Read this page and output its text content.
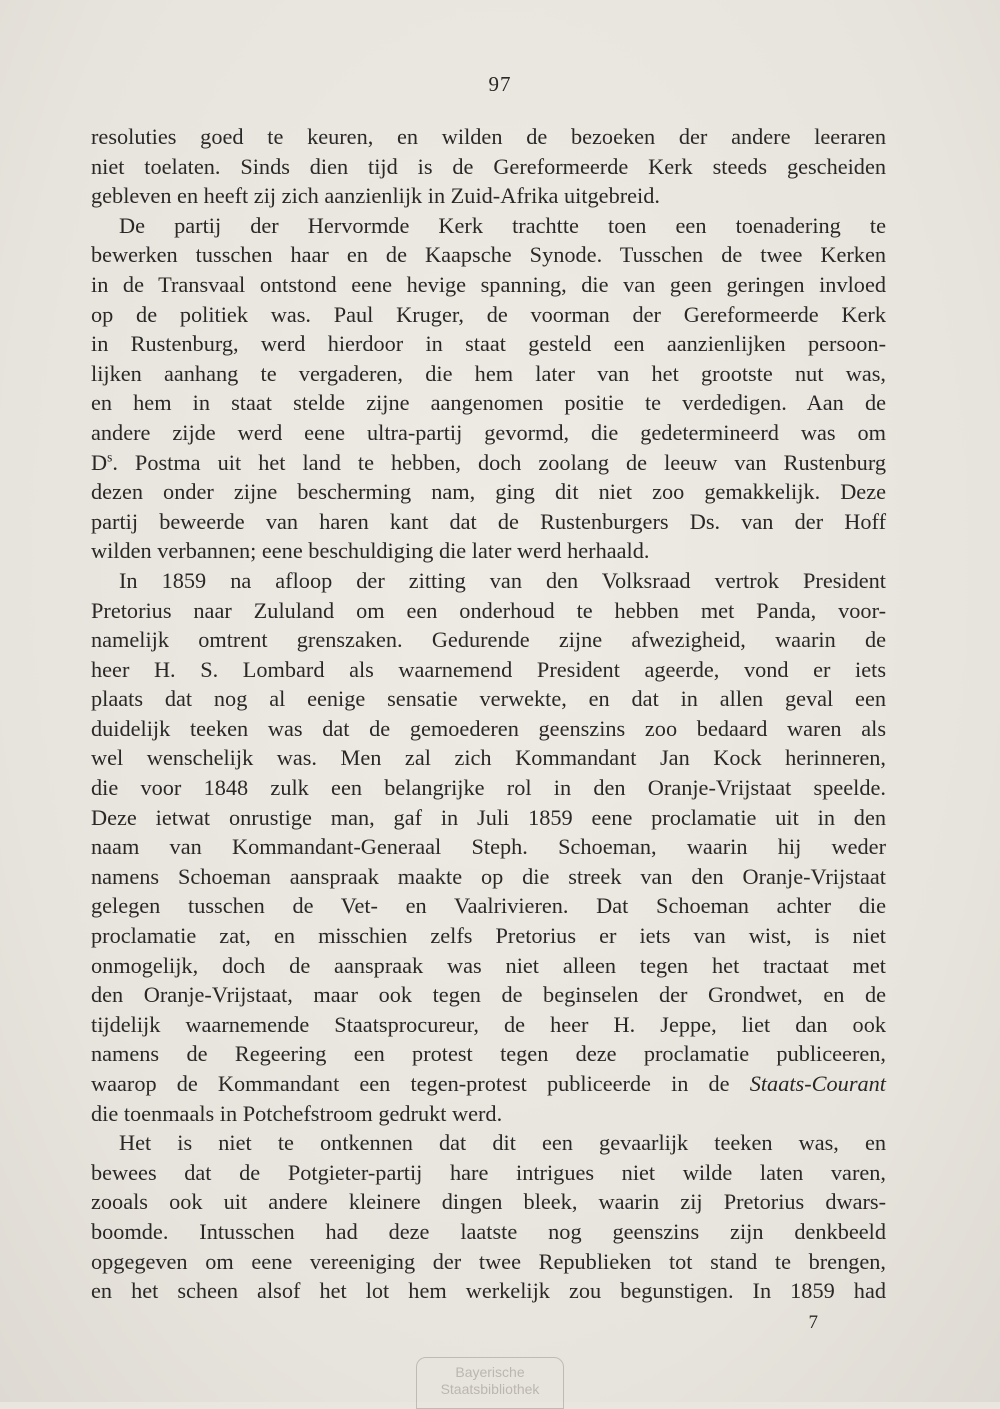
97
resoluties goed te keuren, en wilden de bezoeken der andere leeraren
niet toelaten. Sinds dien tijd is de Gereformeerde Kerk steeds gescheiden
gebleven en heeft zij zich aanzienlijk in Zuid-Afrika uitgebreid.
De partij der Hervormde Kerk trachtte toen een toenadering te
bewerken tusschen haar en de Kaapsche Synode. Tusschen de twee Kerken
in de Transvaal ontstond eene hevige spanning, die van geen geringen invloed
op de politiek was. Paul Kruger, de voorman der Gereformeerde Kerk
in Rustenburg, werd hierdoor in staat gesteld een aanzienlijken persoon-
lijken aanhang te vergaderen, die hem later van het grootste nut was,
en hem in staat stelde zijne aangenomen positie te verdedigen. Aan de
andere zijde werd eene ultra-partij gevormd, die gedetermineerd was om
$D^s$. Postma uit het land te hebben, doch zoolang de leeuw van Rustenburg
dezen onder zijne bescherming nam, ging dit niet zoo gemakkelijk. Deze
partij beweerde van haren kant dat de Rustenburgers Ds. van der Hoff
wilden verbannen; eene beschuldiging die later werd herhaald.
In 1859 na afloop der zitting van den Volksraad vertrok President
Pretorius naar Zululand om een onderhoud te hebben met Panda, voor-
namelijk omtrent grenszaken. Gedurende zijne afwezigheid, waarin de
heer H. S. Lombard als waarnemend President ageerde, vond er iets
plaats dat nog al eenige sensatie verwekte, en dat in allen geval een
duidelijk teeken was dat de gemoederen geenszins zoo bedaard waren als
wel wenschelijk was. Men zal zich Kommandant Jan Kock herinneren,
die voor 1848 zulk een belangrijke rol in den Oranje-Vrijstaat speelde.
Deze ietwat onrustige man, gaf in Juli 1859 eene proclamatie uit in den
naam van Kommandant-Generaal Steph. Schoeman, waarin hij weder
namens Schoeman aanspraak maakte op die streek van den Oranje-Vrijstaat
gelegen tusschen de Vet- en Vaalrivieren. Dat Schoeman achter die
proclamatie zat, en misschien zelfs Pretorius er iets van wist, is niet
onmogelijk, doch de aanspraak was niet alleen tegen het tractaat met
den Oranje-Vrijstaat, maar ook tegen de beginselen der Grondwet, en de
tijdelijk waarnemende Staatsprocureur, de heer H. Jeppe, liet dan ook
namens de Regeering een protest tegen deze proclamatie publiceeren,
waarop de Kommandant een tegen-protest publiceerde in de Staats-Courant
die toenmaals in Potchefstroom gedrukt werd.
Het is niet te ontkennen dat dit een gevaarlijk teeken was, en
bewees dat de Potgieter-partij hare intrigues niet wilde laten varen,
zooals ook uit andere kleinere dingen bleek, waarin zij Pretorius dwars-
boomde. Intusschen had deze laatste nog geenszins zijn denkbeeld
opgegeven om eene vereeniging der twee Republieken tot stand te brengen,
en het scheen alsof het lot hem werkelijk zou begunstigen. In 1859 had
7
Bayerische
Staatsbibliothek
